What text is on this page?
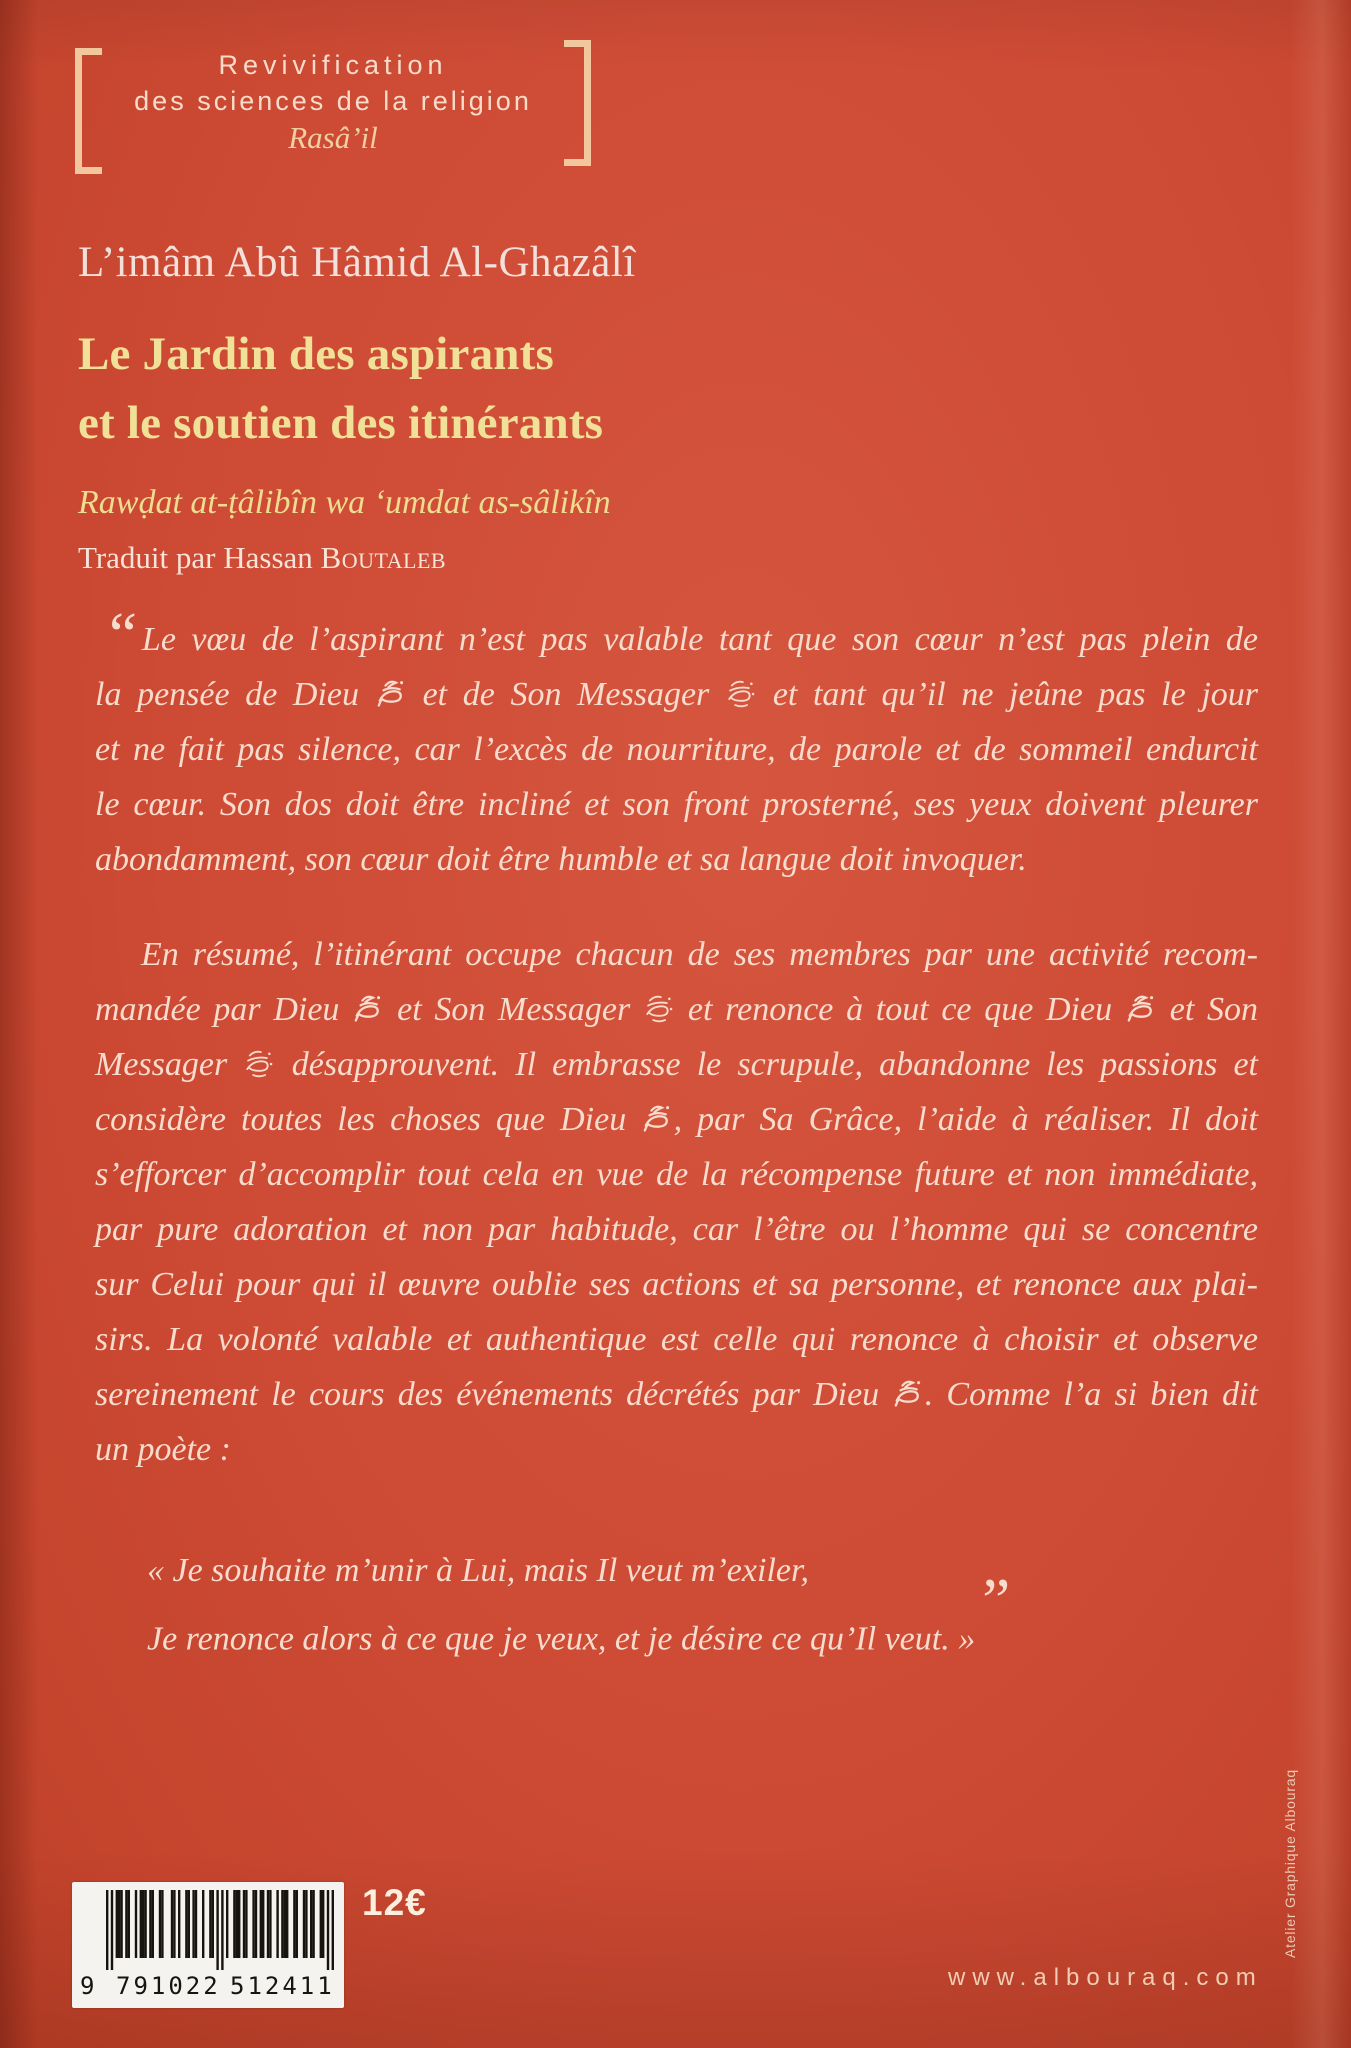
Revivification
des sciences de la religion
Rasâ’il
L’imâm Abû Hâmid Al-Ghazâlî
Le Jardin des aspirants
et le soutien des itinérants
Rawḍat at-ṭâlibîn wa ‘umdat as-sâlikîn
Traduit par Hassan Boutaleb
“ Le vœu de l’aspirant n’est pas valable tant que son cœur n’est pas plein de
la pensée de Dieu
et de Son Messager
et tant qu’il ne jeûne pas le jour
et ne fait pas silence, car l’excès de nourriture, de parole et de sommeil endurcit
le cœur. Son dos doit être incliné et son front prosterné, ses yeux doivent pleurer
abondamment, son cœur doit être humble et sa langue doit invoquer.
En résumé, l’itinérant occupe chacun de ses membres par une activité recom-
mandée par Dieu
et Son Messager
et renonce à tout ce que Dieu
et Son
Messager
désapprouvent. Il embrasse le scrupule, abandonne les passions et
considère toutes les choses que Dieu
, par Sa Grâce, l’aide à réaliser. Il doit
s’efforcer d’accomplir tout cela en vue de la récompense future et non immédiate,
par pure adoration et non par habitude, car l’être ou l’homme qui se concentre
sur Celui pour qui il œuvre oublie ses actions et sa personne, et renonce aux plai-
sirs. La volonté valable et authentique est celle qui renonce à choisir et observe
sereinement le cours des événements décrétés par Dieu
. Comme l’a si bien dit
un poète :
« Je souhaite m’unir à Lui, mais Il veut m’exiler,
Je renonce alors à ce que je veux, et je désire ce qu’Il veut. »”
9 791022 512411
12€
www.albouraq.com
Atelier Graphique Albouraq
